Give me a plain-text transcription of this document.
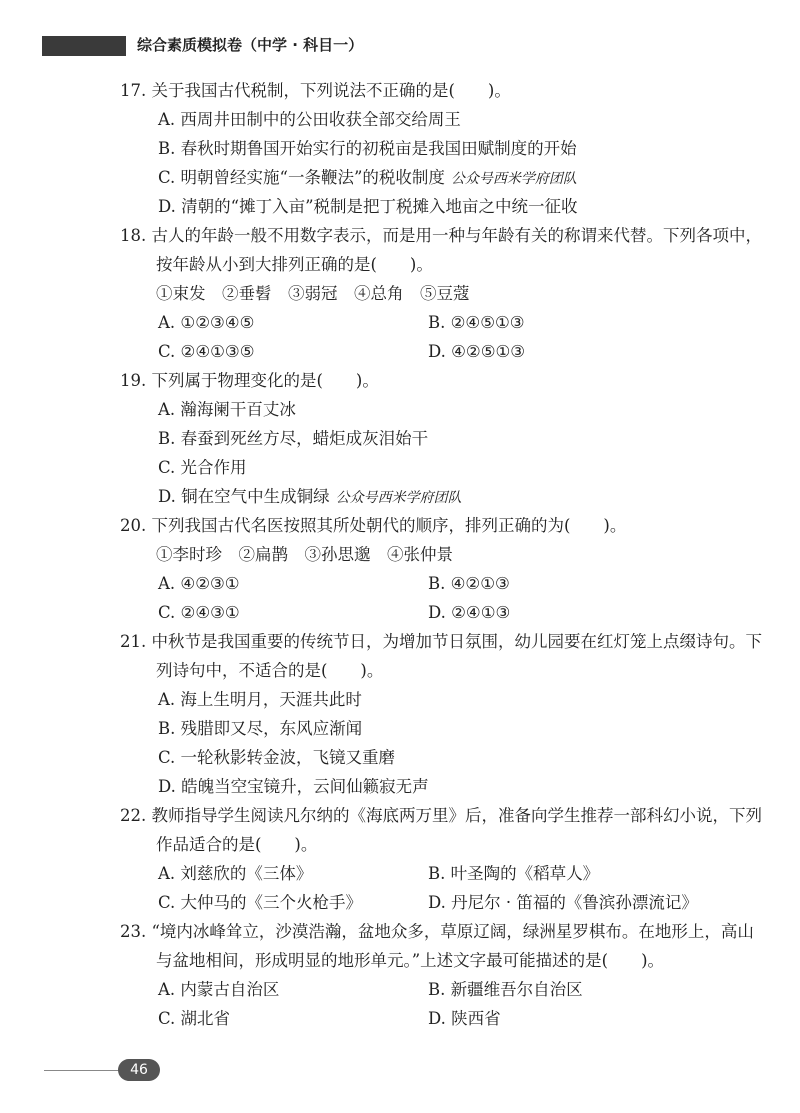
综合素质模拟卷（中学 · 科目一）
17. 关于我国古代税制，下列说法不正确的是(　　)。
A. 西周井田制中的公田收获全部交给周王
B. 春秋时期鲁国开始实行的初税亩是我国田赋制度的开始
C. 明朝曾经实施“一条鞭法”的税收制度 公众号西米学府团队
D. 清朝的“摊丁入亩”税制是把丁税摊入地亩之中统一征收
18. 古人的年龄一般不用数字表示，而是用一种与年龄有关的称谓来代替。下列各项中，
按年龄从小到大排列正确的是(　　)。
①束发　②垂髫　③弱冠　④总角　⑤豆蔻
A. ①②③④⑤	B. ②④⑤①③
C. ②④①③⑤	D. ④②⑤①③
19. 下列属于物理变化的是(　　)。
A. 瀚海阑干百丈冰
B. 春蚕到死丝方尽，蜡炬成灰泪始干
C. 光合作用
D. 铜在空气中生成铜绿 公众号西米学府团队
20. 下列我国古代名医按照其所处朝代的顺序，排列正确的为(　　)。
①李时珍　②扁鹊　③孙思邈　④张仲景
A. ④②③①	B. ④②①③
C. ②④③①	D. ②④①③
21. 中秋节是我国重要的传统节日，为增加节日氛围，幼儿园要在红灯笼上点缀诗句。下
列诗句中，不适合的是(　　)。
A. 海上生明月，天涯共此时
B. 残腊即又尽，东风应渐闻
C. 一轮秋影转金波，飞镜又重磨
D. 皓魄当空宝镜升，云间仙籁寂无声
22. 教师指导学生阅读凡尔纳的《海底两万里》后，准备向学生推荐一部科幻小说，下列
作品适合的是(　　)。
A. 刘慈欣的《三体》	B. 叶圣陶的《稻草人》
C. 大仲马的《三个火枪手》	D. 丹尼尔 · 笛福的《鲁滨孙漂流记》
23. “境内冰峰耸立，沙漠浩瀚，盆地众多，草原辽阔，绿洲星罗棋布。在地形上，高山
与盆地相间，形成明显的地形单元。”上述文字最可能描述的是(　　)。
A. 内蒙古自治区	B. 新疆维吾尔自治区
C. 湖北省	D. 陕西省
46
